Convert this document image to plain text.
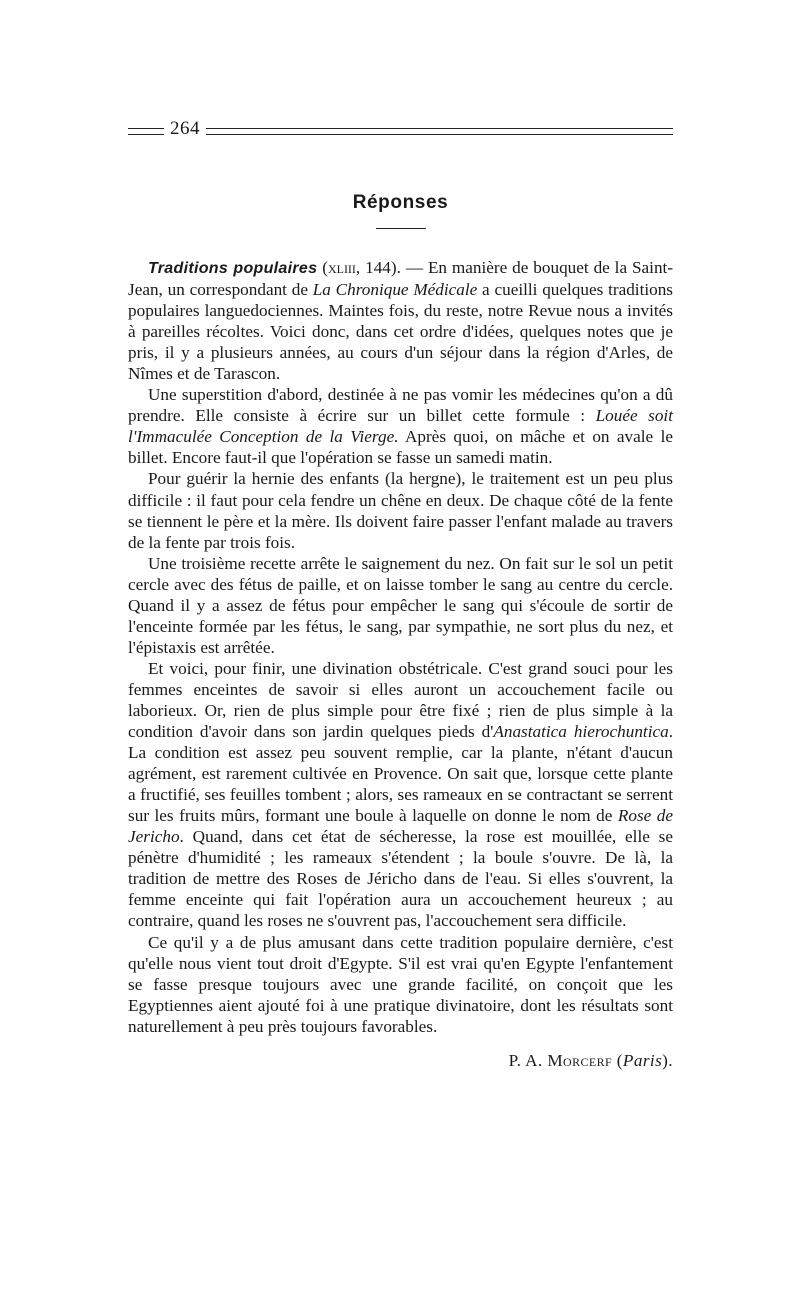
264
Réponses

Traditions populaires (xliii, 144). — En manière de bouquet de la Saint-Jean, un correspondant de La Chronique Médicale a cueilli quelques traditions populaires languedociennes. Maintes fois, du reste, notre Revue nous a invités à pareilles récoltes. Voici donc, dans cet ordre d'idées, quelques notes que je pris, il y a plusieurs années, au cours d'un séjour dans la région d'Arles, de Nîmes et de Tarascon.

Une superstition d'abord, destinée à ne pas vomir les médecines qu'on a dû prendre. Elle consiste à écrire sur un billet cette formule : Louée soit l'Immaculée Conception de la Vierge. Après quoi, on mâche et on avale le billet. Encore faut-il que l'opération se fasse un samedi matin.

Pour guérir la hernie des enfants (la hergne), le traitement est un peu plus difficile : il faut pour cela fendre un chêne en deux. De chaque côté de la fente se tiennent le père et la mère. Ils doivent faire passer l'enfant malade au travers de la fente par trois fois.

Une troisième recette arrête le saignement du nez. On fait sur le sol un petit cercle avec des fétus de paille, et on laisse tomber le sang au centre du cercle. Quand il y a assez de fétus pour empêcher le sang qui s'écoule de sortir de l'enceinte formée par les fétus, le sang, par sympathie, ne sort plus du nez, et l'épistaxis est arrêtée.

Et voici, pour finir, une divination obstétricale. C'est grand souci pour les femmes enceintes de savoir si elles auront un accouchement facile ou laborieux. Or, rien de plus simple pour être fixé ; rien de plus simple à la condition d'avoir dans son jardin quelques pieds d'Anastatica hierochuntica. La condition est assez peu souvent remplie, car la plante, n'étant d'aucun agrément, est rarement cultivée en Provence. On sait que, lorsque cette plante a fructifié, ses feuilles tombent ; alors, ses rameaux en se contractant se serrent sur les fruits mûrs, formant une boule à laquelle on donne le nom de Rose de Jericho. Quand, dans cet état de sécheresse, la rose est mouillée, elle se pénètre d'humidité ; les rameaux s'étendent ; la boule s'ouvre. De là, la tradition de mettre des Roses de Jéricho dans de l'eau. Si elles s'ouvrent, la femme enceinte qui fait l'opération aura un accouchement heureux ; au contraire, quand les roses ne s'ouvrent pas, l'accouchement sera difficile.

Ce qu'il y a de plus amusant dans cette tradition populaire dernière, c'est qu'elle nous vient tout droit d'Egypte. S'il est vrai qu'en Egypte l'enfantement se fasse presque toujours avec une grande facilité, on conçoit que les Egyptiennes aient ajouté foi à une pratique divinatoire, dont les résultats sont naturellement à peu près toujours favorables.

P. A. Morcerf (Paris).
